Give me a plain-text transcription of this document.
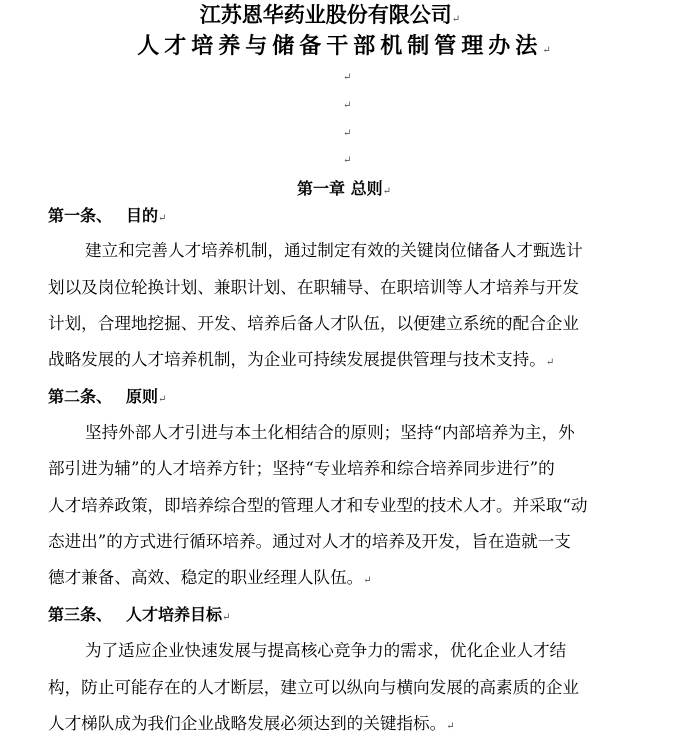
江苏恩华药业股份有限公司↵
人才培养与储备干部机制管理办法↵
↵
↵
↵
↵
第一章 总则↵
第一条、 目的↵
建立和完善人才培养机制，通过制定有效的关键岗位储备人才甄选计
划以及岗位轮换计划、兼职计划、在职辅导、在职培训等人才培养与开发
计划，合理地挖掘、开发、培养后备人才队伍，以便建立系统的配合企业
战略发展的人才培养机制，为企业可持续发展提供管理与技术支持。↵
第二条、 原则↵
坚持外部人才引进与本土化相结合的原则；坚持“内部培养为主，外
部引进为辅”的人才培养方针；坚持“专业培养和综合培养同步进行”的
人才培养政策，即培养综合型的管理人才和专业型的技术人才。并采取“动
态进出”的方式进行循环培养。通过对人才的培养及开发，旨在造就一支
德才兼备、高效、稳定的职业经理人队伍。↵
第三条、 人才培养目标↵
为了适应企业快速发展与提高核心竞争力的需求，优化企业人才结
构，防止可能存在的人才断层，建立可以纵向与横向发展的高素质的企业
人才梯队成为我们企业战略发展必须达到的关键指标。↵
